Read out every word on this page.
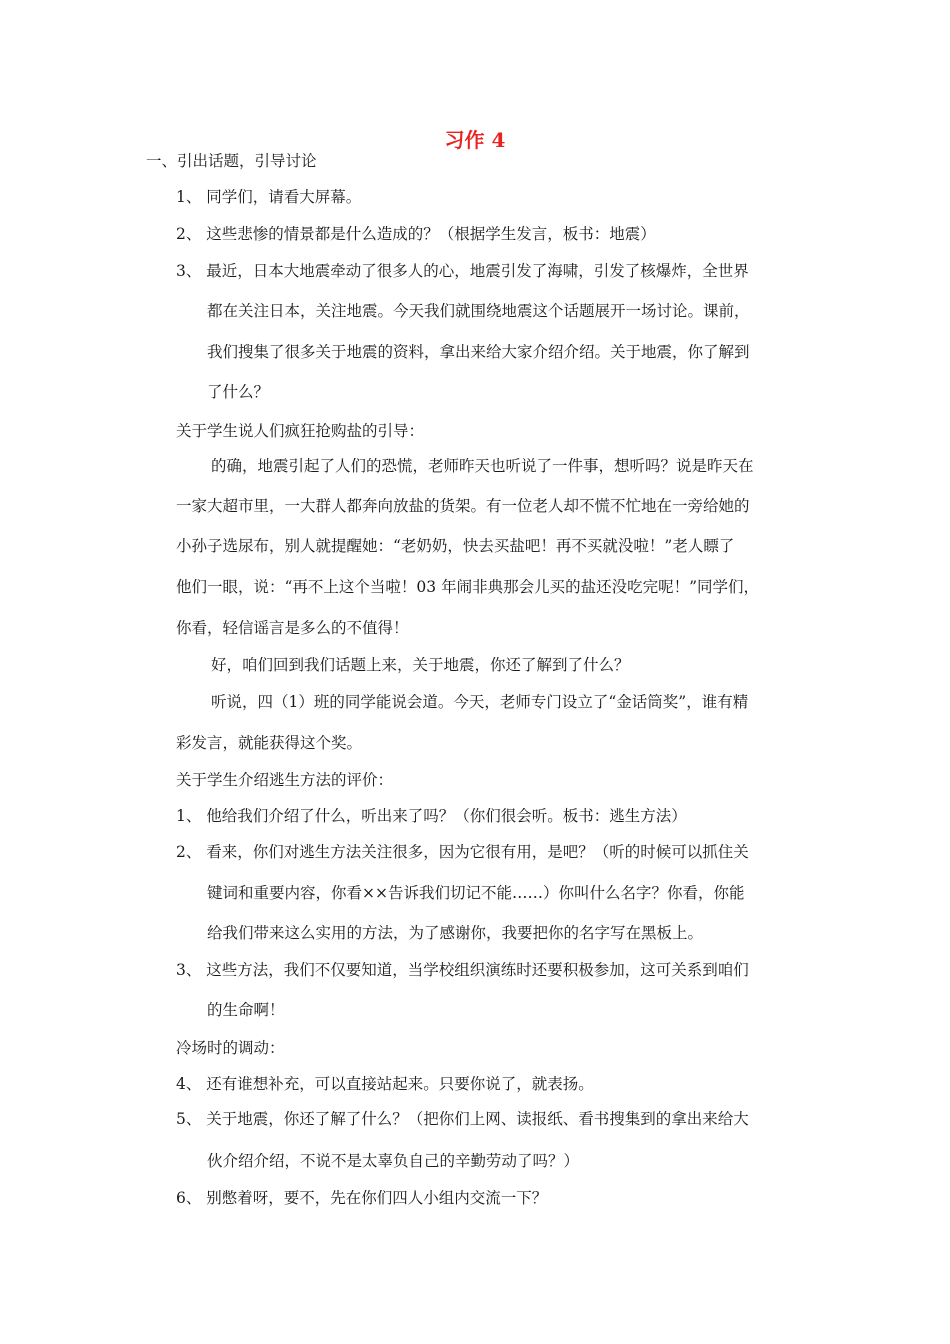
习作 4
一、引出话题，引导讨论
1、 同学们，请看大屏幕。
2、 这些悲惨的情景都是什么造成的？（根据学生发言，板书：地震）
3、 最近，日本大地震牵动了很多人的心，地震引发了海啸，引发了核爆炸，全世界
都在关注日本，关注地震。今天我们就围绕地震这个话题展开一场讨论。课前，
我们搜集了很多关于地震的资料，拿出来给大家介绍介绍。关于地震，你了解到
了什么？
关于学生说人们疯狂抢购盐的引导：
的确，地震引起了人们的恐慌，老师昨天也听说了一件事，想听吗？说是昨天在
一家大超市里，一大群人都奔向放盐的货架。有一位老人却不慌不忙地在一旁给她的
小孙子选尿布，别人就提醒她：“老奶奶，快去买盐吧！再不买就没啦！”老人瞟了
他们一眼，说：“再不上这个当啦！03 年闹非典那会儿买的盐还没吃完呢！”同学们，
你看，轻信谣言是多么的不值得！
好，咱们回到我们话题上来，关于地震，你还了解到了什么？
听说，四（1）班的同学能说会道。今天，老师专门设立了“金话筒奖”，谁有精
彩发言，就能获得这个奖。
关于学生介绍逃生方法的评价：
1、 他给我们介绍了什么，听出来了吗？（你们很会听。板书：逃生方法）
2、 看来，你们对逃生方法关注很多，因为它很有用，是吧？（听的时候可以抓住关
键词和重要内容，你看××告诉我们切记不能……）你叫什么名字？你看，你能
给我们带来这么实用的方法，为了感谢你，我要把你的名字写在黑板上。
3、 这些方法，我们不仅要知道，当学校组织演练时还要积极参加，这可关系到咱们
的生命啊！
冷场时的调动：
4、 还有谁想补充，可以直接站起来。只要你说了，就表扬。
5、 关于地震，你还了解了什么？（把你们上网、读报纸、看书搜集到的拿出来给大
伙介绍介绍，不说不是太辜负自己的辛勤劳动了吗？）
6、 别憋着呀，要不，先在你们四人小组内交流一下？
